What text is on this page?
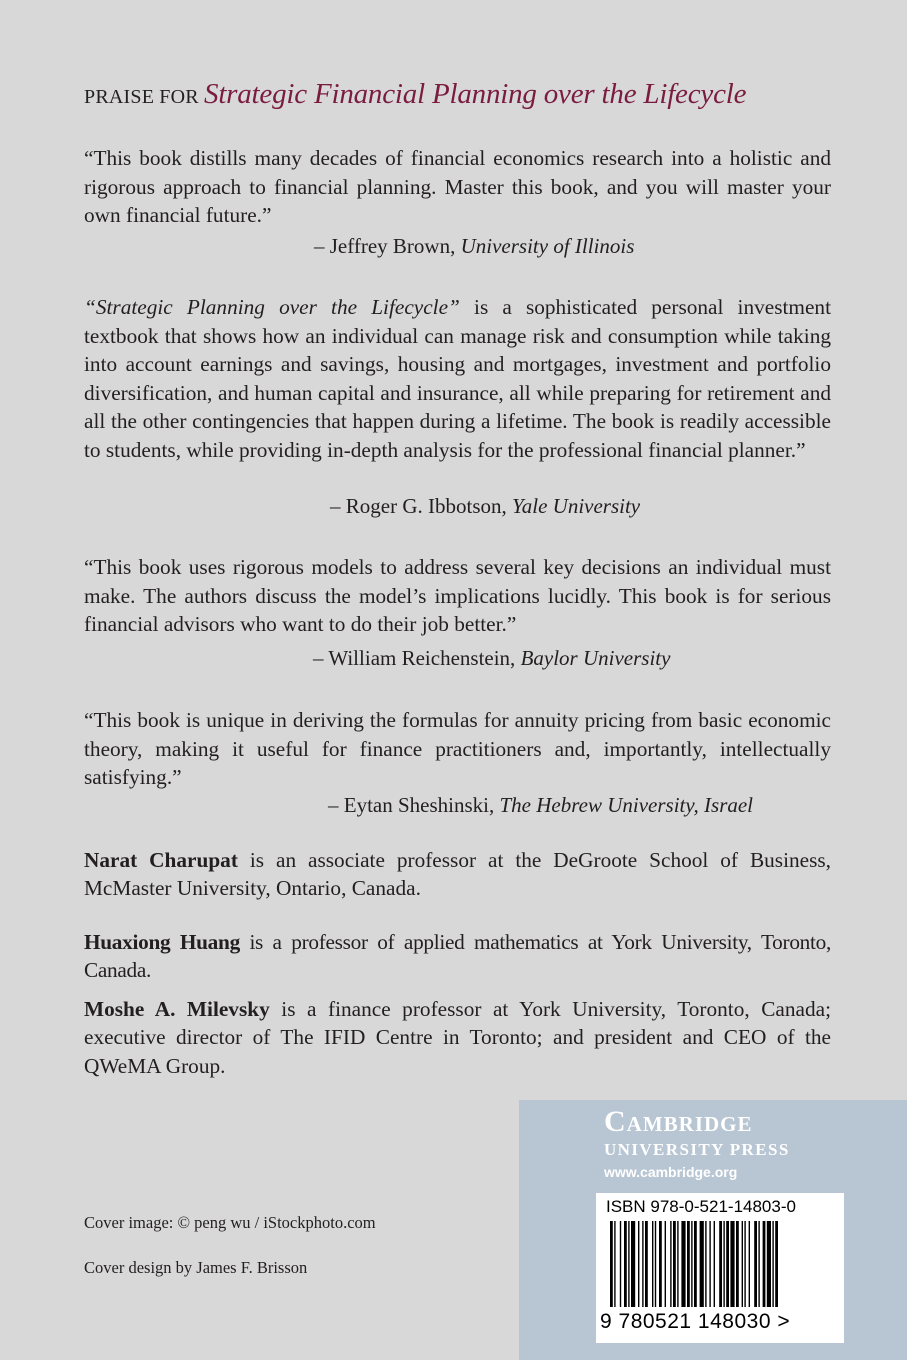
PRAISE FOR Strategic Financial Planning over the Lifecycle
“This book distills many decades of financial economics research into a holistic and rigorous approach to financial planning. Master this book, and you will master your own financial future.”
– Jeffrey Brown, University of Illinois
“Strategic Planning over the Lifecycle” is a sophisticated personal investment textbook that shows how an individual can manage risk and consumption while taking into account earnings and savings, housing and mortgages, investment and portfolio diversification, and human capital and insurance, all while preparing for retirement and all the other contingencies that happen during a lifetime. The book is readily accessible to students, while providing in-depth analysis for the professional financial planner.”
– Roger G. Ibbotson, Yale University
“This book uses rigorous models to address several key decisions an individual must make. The authors discuss the model’s implications lucidly. This book is for serious financial advisors who want to do their job better.”
– William Reichenstein, Baylor University
“This book is unique in deriving the formulas for annuity pricing from basic economic theory, making it useful for finance practitioners and, importantly, intellectually satisfying.”
– Eytan Sheshinski, The Hebrew University, Israel
Narat Charupat is an associate professor at the DeGroote School of Business, McMaster University, Ontario, Canada.
Huaxiong Huang is a professor of applied mathematics at York University, Toronto, Canada.
Moshe A. Milevsky is a finance professor at York University, Toronto, Canada; executive director of The IFID Centre in Toronto; and president and CEO of the QWeMA Group.
Cover image: © peng wu / iStockphoto.com
Cover design by James F. Brisson
Cambridge
UNIVERSITY PRESS
www.cambridge.org
ISBN 978-0-521-14803-0
9 780521 148030 >
